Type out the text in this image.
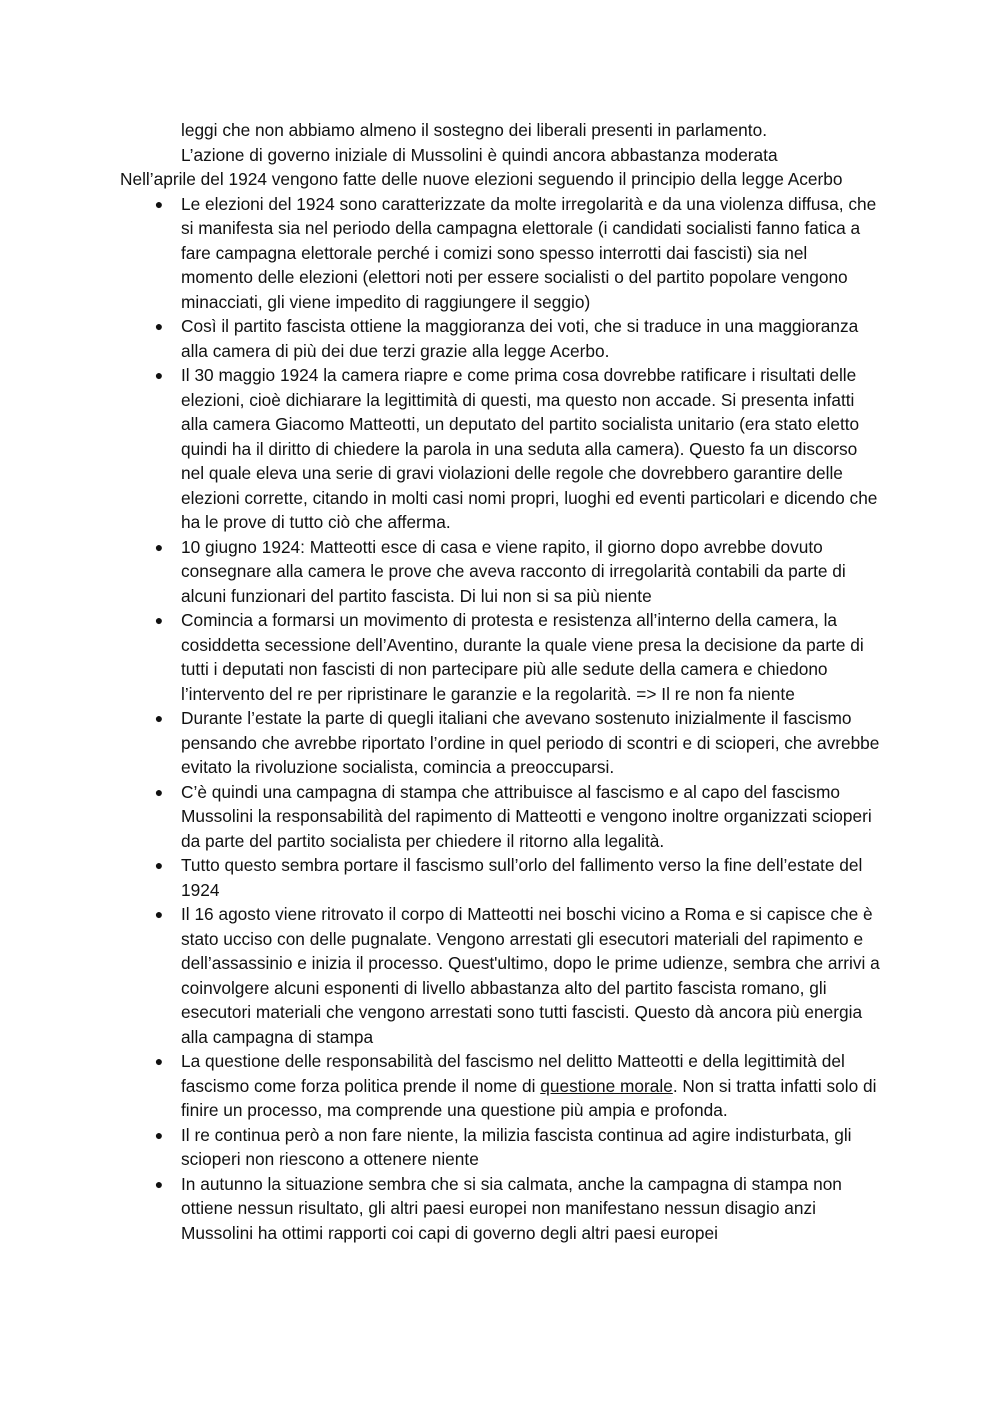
leggi che non abbiamo almeno il sostegno dei liberali presenti in parlamento.

L’azione di governo iniziale di Mussolini è quindi ancora abbastanza moderata

Nell’aprile del 1924 vengono fatte delle nuove elezioni seguendo il principio della legge Acerbo

● Le elezioni del 1924 sono caratterizzate da molte irregolarità e da una violenza diffusa, che si manifesta sia nel periodo della campagna elettorale (i candidati socialisti fanno fatica a fare campagna elettorale perché i comizi sono spesso interrotti dai fascisti) sia nel momento delle elezioni (elettori noti per essere socialisti o del partito popolare vengono minacciati, gli viene impedito di raggiungere il seggio)
● Così il partito fascista ottiene la maggioranza dei voti, che si traduce in una maggioranza alla camera di più dei due terzi grazie alla legge Acerbo.
● Il 30 maggio 1924 la camera riapre e come prima cosa dovrebbe ratificare i risultati delle elezioni, cioè dichiarare la legittimità di questi, ma questo non accade. Si presenta infatti alla camera Giacomo Matteotti, un deputato del partito socialista unitario (era stato eletto quindi ha il diritto di chiedere la parola in una seduta alla camera). Questo fa un discorso nel quale eleva una serie di gravi violazioni delle regole che dovrebbero garantire delle elezioni corrette, citando in molti casi nomi propri, luoghi ed eventi particolari e dicendo che ha le prove di tutto ciò che afferma.
● 10 giugno 1924: Matteotti esce di casa e viene rapito, il giorno dopo avrebbe dovuto consegnare alla camera le prove che aveva racconto di irregolarità contabili da parte di alcuni funzionari del partito fascista. Di lui non si sa più niente
● Comincia a formarsi un movimento di protesta e resistenza all’interno della camera, la cosiddetta secessione dell’Aventino, durante la quale viene presa la decisione da parte di tutti i deputati non fascisti di non partecipare più alle sedute della camera e chiedono l’intervento del re per ripristinare le garanzie e la regolarità. => Il re non fa niente
● Durante l’estate la parte di quegli italiani che avevano sostenuto inizialmente il fascismo pensando che avrebbe riportato l’ordine in quel periodo di scontri e di scioperi, che avrebbe evitato la rivoluzione socialista, comincia a preoccuparsi.
● C’è quindi una campagna di stampa che attribuisce al fascismo e al capo del fascismo Mussolini la responsabilità del rapimento di Matteotti e vengono inoltre organizzati scioperi da parte del partito socialista per chiedere il ritorno alla legalità.
● Tutto questo sembra portare il fascismo sull’orlo del fallimento verso la fine dell’estate del 1924
● Il 16 agosto viene ritrovato il corpo di Matteotti nei boschi vicino a Roma e si capisce che è stato ucciso con delle pugnalate. Vengono arrestati gli esecutori materiali del rapimento e dell’assassinio e inizia il processo. Quest'ultimo, dopo le prime udienze, sembra che arrivi a coinvolgere alcuni esponenti di livello abbastanza alto del partito fascista romano, gli esecutori materiali che vengono arrestati sono tutti fascisti. Questo dà ancora più energia alla campagna di stampa
● La questione delle responsabilità del fascismo nel delitto Matteotti e della legittimità del fascismo come forza politica prende il nome di questione morale. Non si tratta infatti solo di finire un processo, ma comprende una questione più ampia e profonda.
● Il re continua però a non fare niente, la milizia fascista continua ad agire indisturbata, gli scioperi non riescono a ottenere niente
● In autunno la situazione sembra che si sia calmata, anche la campagna di stampa non ottiene nessun risultato, gli altri paesi europei non manifestano nessun disagio anzi Mussolini ha ottimi rapporti coi capi di governo degli altri paesi europei
